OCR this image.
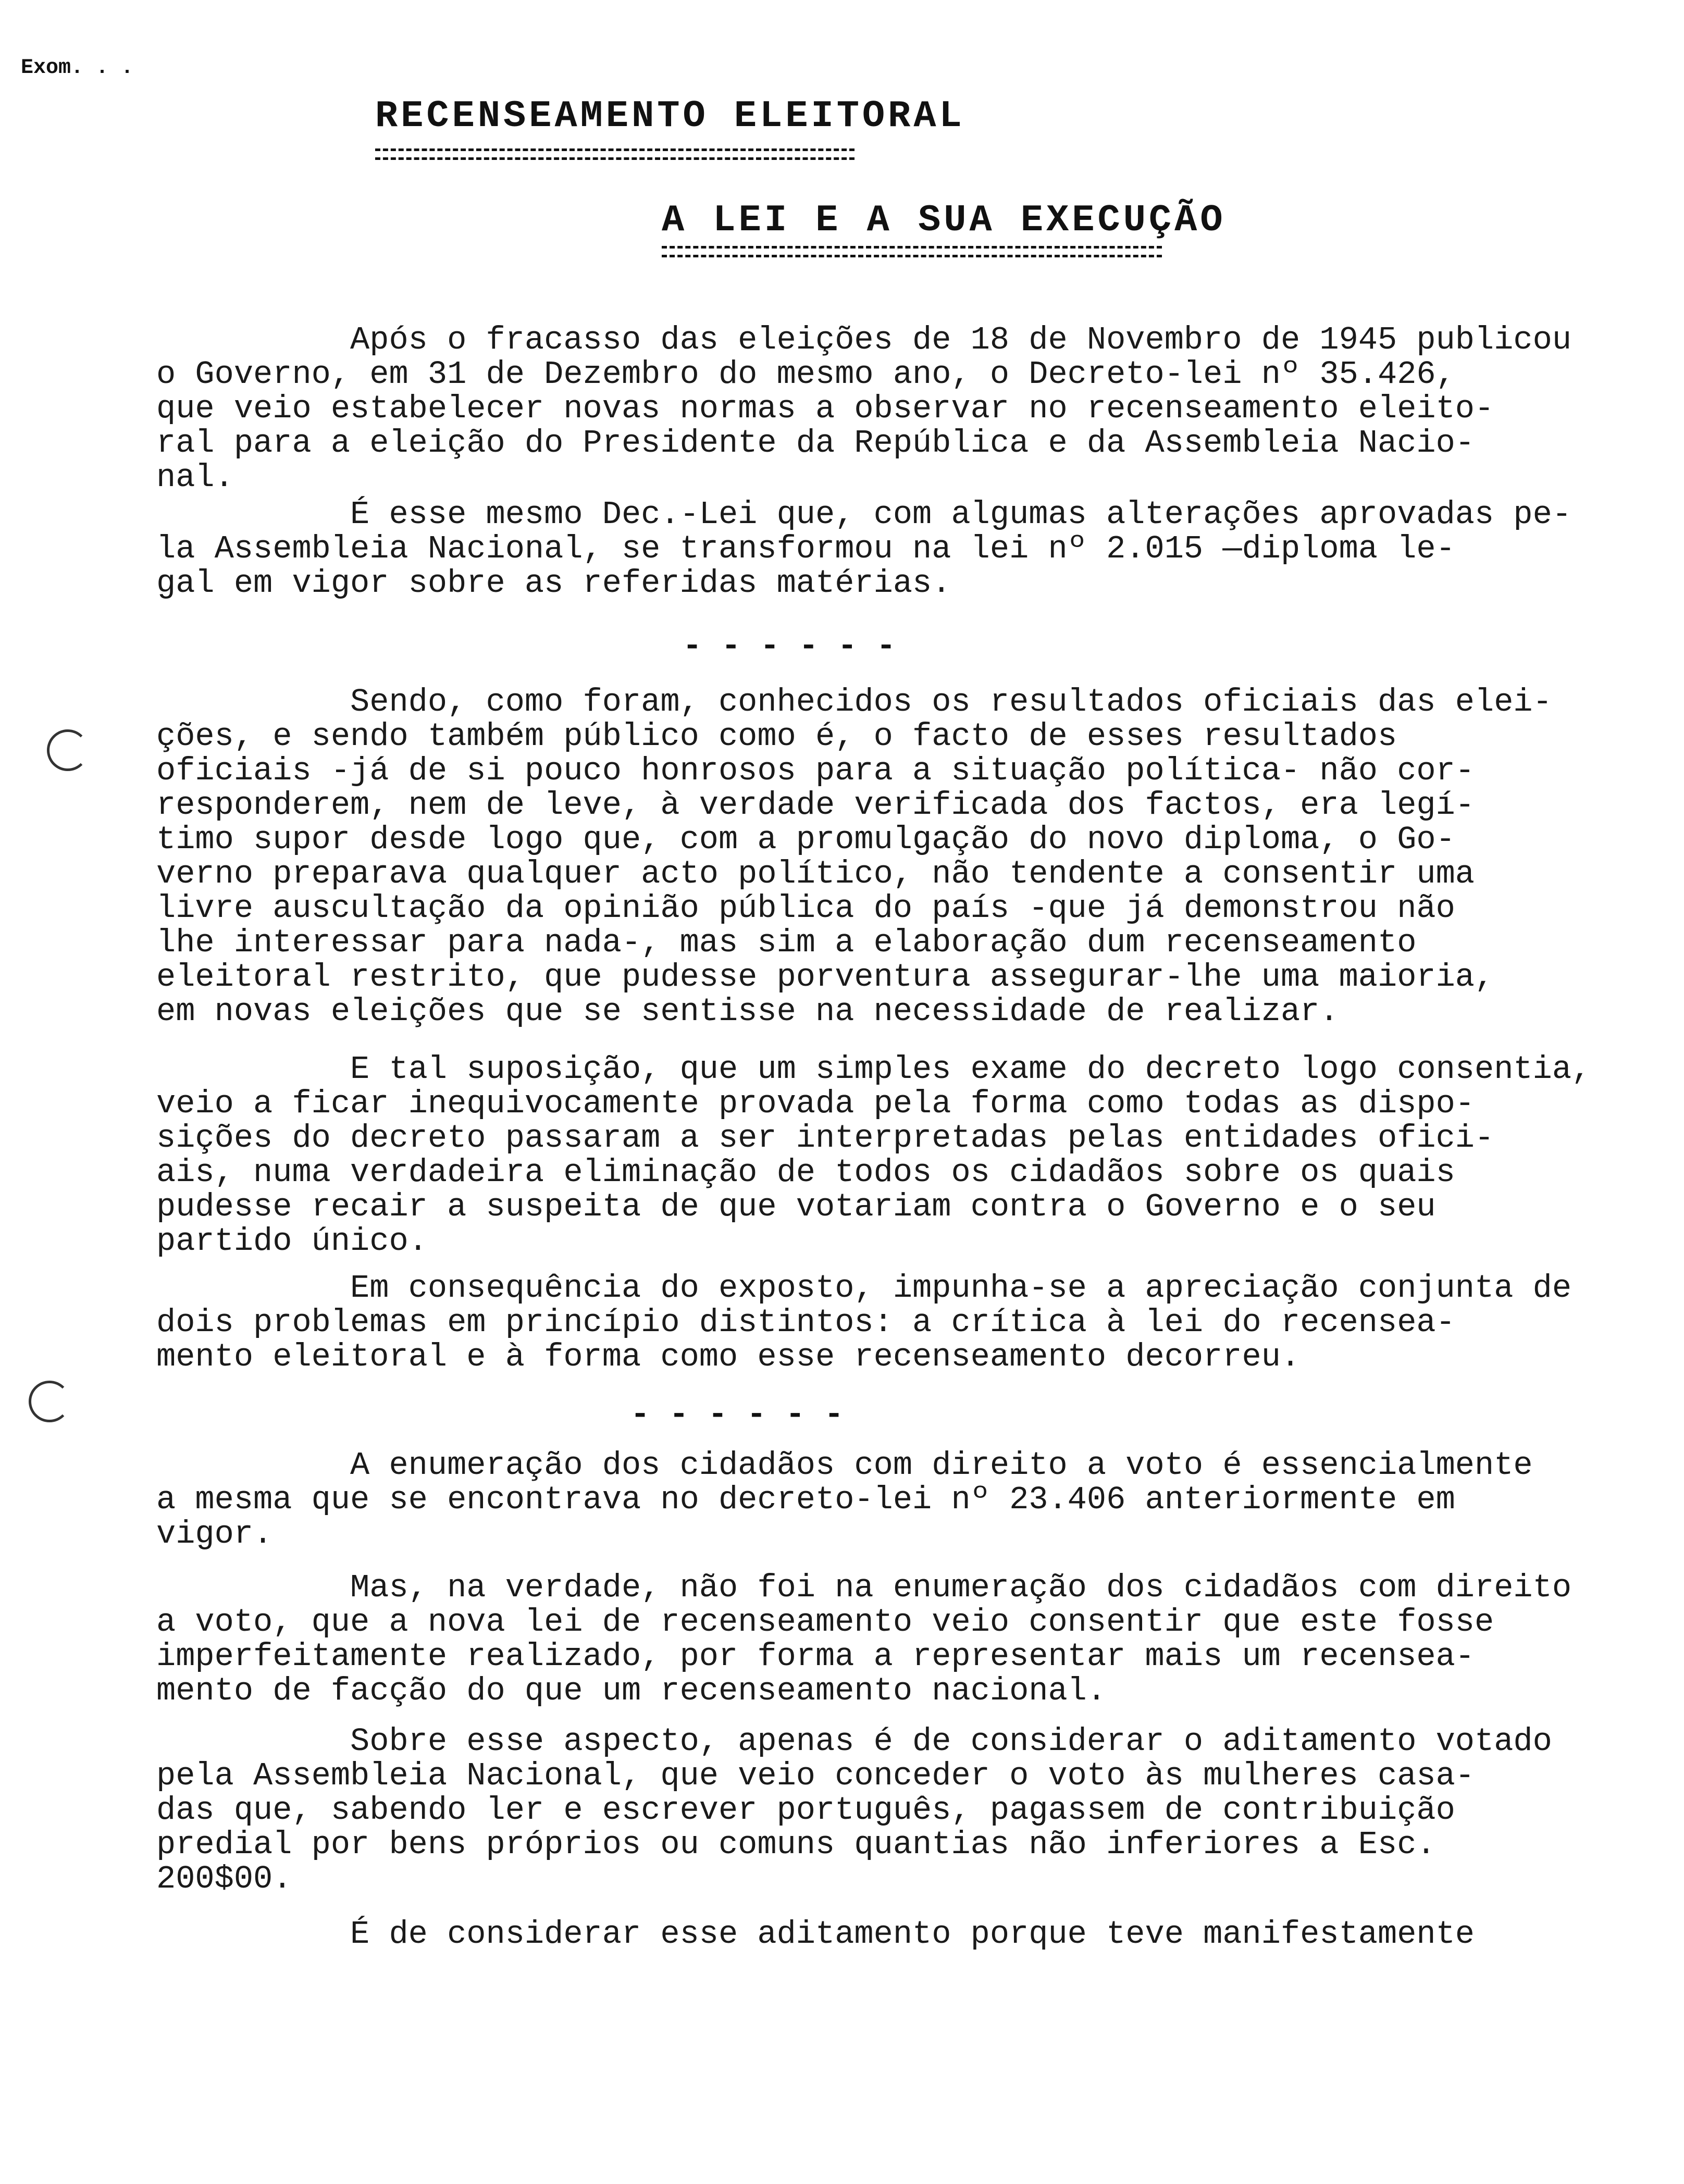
Exom. . .
RECENSEAMENTO ELEITORAL
A LEI E A SUA EXECUÇÃO
Após o fracasso das eleições de 18 de Novembro de 1945 publicou
o Governo, em 31 de Dezembro do mesmo ano, o Decreto-lei nº 35.426,
que veio estabelecer novas normas a observar no recenseamento eleito-
ral para a eleição do Presidente da República e da Assembleia Nacio-
nal.
É esse mesmo Dec.-Lei que, com algumas alterações aprovadas pe-
la Assembleia Nacional, se transformou na lei nº 2.015 —diploma le-
gal em vigor sobre as referidas matérias.
- - - - - -
Sendo, como foram, conhecidos os resultados oficiais das elei-
ções, e sendo também público como é, o facto de esses resultados
oficiais -já de si pouco honrosos para a situação política- não cor-
responderem, nem de leve, à verdade verificada dos factos, era legí-
timo supor desde logo que, com a promulgação do novo diploma, o Go-
verno preparava qualquer acto político, não tendente a consentir uma
livre auscultação da opinião pública do país -que já demonstrou não
lhe interessar para nada-, mas sim a elaboração dum recenseamento
eleitoral restrito, que pudesse porventura assegurar-lhe uma maioria,
em novas eleições que se sentisse na necessidade de realizar.
E tal suposição, que um simples exame do decreto logo consentia,
veio a ficar inequivocamente provada pela forma como todas as dispo-
sições do decreto passaram a ser interpretadas pelas entidades ofici-
ais, numa verdadeira eliminação de todos os cidadãos sobre os quais
pudesse recair a suspeita de que votariam contra o Governo e o seu
partido único.
Em consequência do exposto, impunha-se a apreciação conjunta de
dois problemas em princípio distintos: a crítica à lei do recensea-
mento eleitoral e à forma como esse recenseamento decorreu.
- - - - - -
A enumeração dos cidadãos com direito a voto é essencialmente
a mesma que se encontrava no decreto-lei nº 23.406 anteriormente em
vigor.
Mas, na verdade, não foi na enumeração dos cidadãos com direito
a voto, que a nova lei de recenseamento veio consentir que este fosse
imperfeitamente realizado, por forma a representar mais um recensea-
mento de facção do que um recenseamento nacional.
Sobre esse aspecto, apenas é de considerar o aditamento votado
pela Assembleia Nacional, que veio conceder o voto às mulheres casa-
das que, sabendo ler e escrever português, pagassem de contribuição
predial por bens próprios ou comuns quantias não inferiores a Esc.
200$00.
É de considerar esse aditamento porque teve manifestamente
